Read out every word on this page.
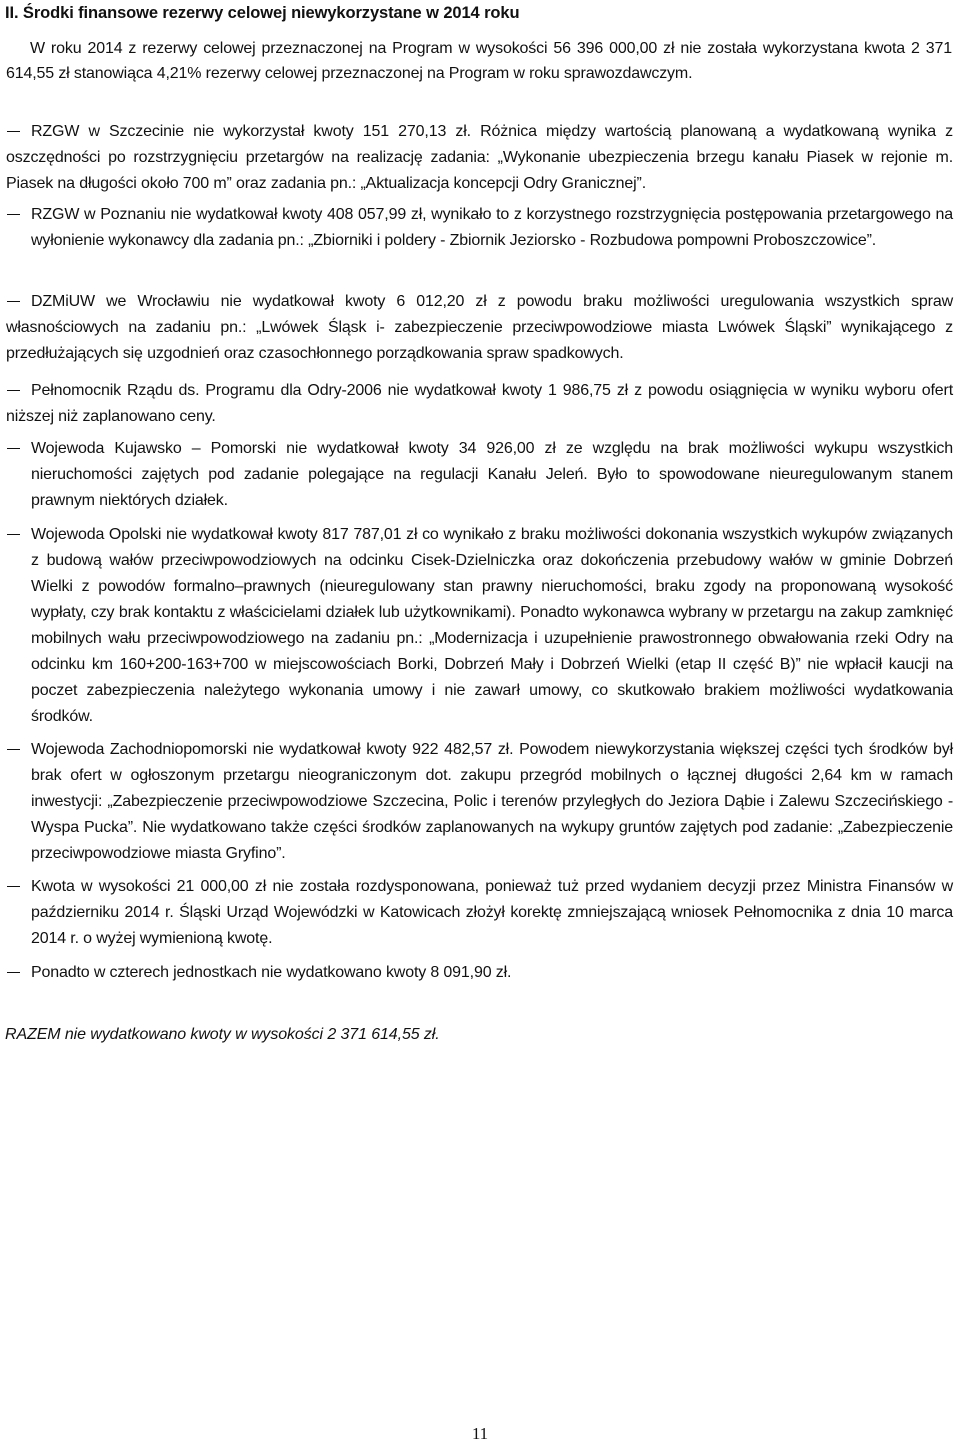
II. Środki finansowe rezerwy celowej niewykorzystane w 2014 roku
W roku 2014 z rezerwy celowej przeznaczonej na Program w wysokości 56 396 000,00 zł nie została wykorzystana kwota 2 371 614,55 zł stanowiąca 4,21% rezerwy celowej przeznaczonej na Program w roku sprawozdawczym.
RZGW w Szczecinie nie wykorzystał kwoty 151 270,13 zł. Różnica między wartością planowaną a wydatkowaną wynika z oszczędności po rozstrzygnięciu przetargów na realizację zadania: „Wykonanie ubezpieczenia brzegu kanału Piasek w rejonie m. Piasek na długości około 700 m” oraz zadania pn.: „Aktualizacja koncepcji Odry Granicznej”.
RZGW w Poznaniu nie wydatkował kwoty 408 057,99 zł, wynikało to z korzystnego rozstrzygnięcia postępowania przetargowego na wyłonienie wykonawcy dla zadania pn.: „Zbiorniki i poldery - Zbiornik Jeziorsko - Rozbudowa pompowni Proboszczowice”.
DZMiUW we Wrocławiu nie wydatkował kwoty 6 012,20 zł z powodu braku możliwości uregulowania wszystkich spraw własnościowych na zadaniu pn.: „Lwówek Śląsk i- zabezpieczenie przeciwpowodziowe miasta Lwówek Śląski” wynikającego z przedłużających się uzgodnień oraz czasochłonnego porządkowania spraw spadkowych.
Pełnomocnik Rządu ds. Programu dla Odry-2006 nie wydatkował kwoty 1 986,75 zł z powodu osiągnięcia w wyniku wyboru ofert niższej niż zaplanowano ceny.
Wojewoda Kujawsko – Pomorski nie wydatkował kwoty 34 926,00 zł ze względu na brak możliwości wykupu wszystkich nieruchomości zajętych pod zadanie polegające na regulacji Kanału Jeleń. Było to spowodowane nieuregulowanym stanem prawnym niektórych działek.
Wojewoda Opolski nie wydatkował kwoty 817 787,01 zł co wynikało z braku możliwości dokonania wszystkich wykupów związanych z budową wałów przeciwpowodziowych na odcinku Cisek-Dzielniczka oraz dokończenia przebudowy wałów w gminie Dobrzeń Wielki z powodów formalno–prawnych (nieuregulowany stan prawny nieruchomości, braku zgody na proponowaną wysokość wypłaty, czy brak kontaktu z właścicielami działek lub użytkownikami). Ponadto wykonawca wybrany w przetargu na zakup zamknięć mobilnych wału przeciwpowodziowego na zadaniu pn.: „Modernizacja i uzupełnienie prawostronnego obwałowania rzeki Odry na odcinku km 160+200-163+700 w miejscowościach Borki, Dobrzeń Mały i Dobrzeń Wielki (etap II część B)” nie wpłacił kaucji na poczet zabezpieczenia należytego wykonania umowy i nie zawarł umowy, co skutkowało brakiem możliwości wydatkowania środków.
Wojewoda Zachodniopomorski nie wydatkował kwoty 922 482,57 zł. Powodem niewykorzystania większej części tych środków był brak ofert w ogłoszonym przetargu nieograniczonym dot. zakupu przegród mobilnych o łącznej długości 2,64 km w ramach inwestycji: „Zabezpieczenie przeciwpowodziowe Szczecina, Polic i terenów przyległych do Jeziora Dąbie i Zalewu Szczecińskiego - Wyspa Pucka”. Nie wydatkowano także części środków zaplanowanych na wykupy gruntów zajętych pod zadanie: „Zabezpieczenie przeciwpowodziowe miasta Gryfino”.
Kwota w wysokości 21 000,00 zł nie została rozdysponowana, ponieważ tuż przed wydaniem decyzji przez Ministra Finansów w październiku 2014 r. Śląski Urząd Wojewódzki w Katowicach złożył korektę zmniejszającą wniosek Pełnomocnika z dnia 10 marca 2014 r. o wyżej wymienioną kwotę.
Ponadto w czterech jednostkach nie wydatkowano kwoty 8 091,90 zł.
RAZEM nie wydatkowano kwoty w wysokości 2 371 614,55 zł.
11
